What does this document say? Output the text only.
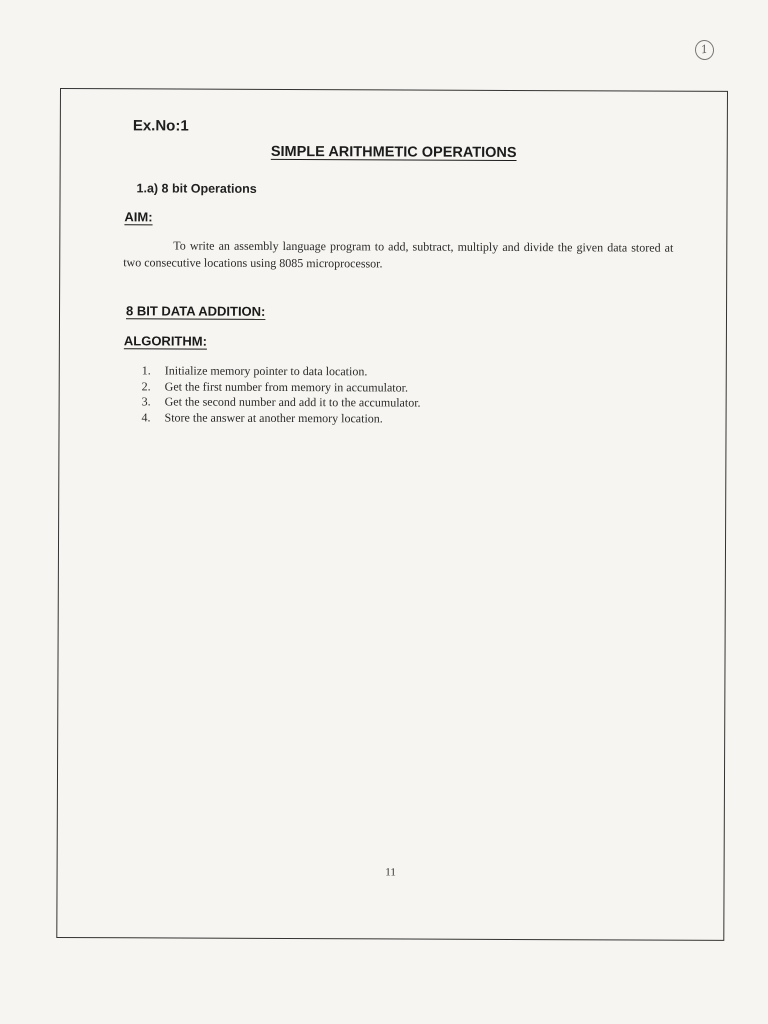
1
Ex.No:1
SIMPLE ARITHMETIC OPERATIONS
1.a) 8 bit Operations
AIM:
To write an assembly language program to add, subtract, multiply and divide the given data stored at two consecutive locations using 8085 microprocessor.
8 BIT DATA ADDITION:
ALGORITHM:
1.	Initialize memory pointer to data location.
2.	Get the first number from memory in accumulator.
3.	Get the second number and add it to the accumulator.
4.	Store the answer at another memory location.
11
